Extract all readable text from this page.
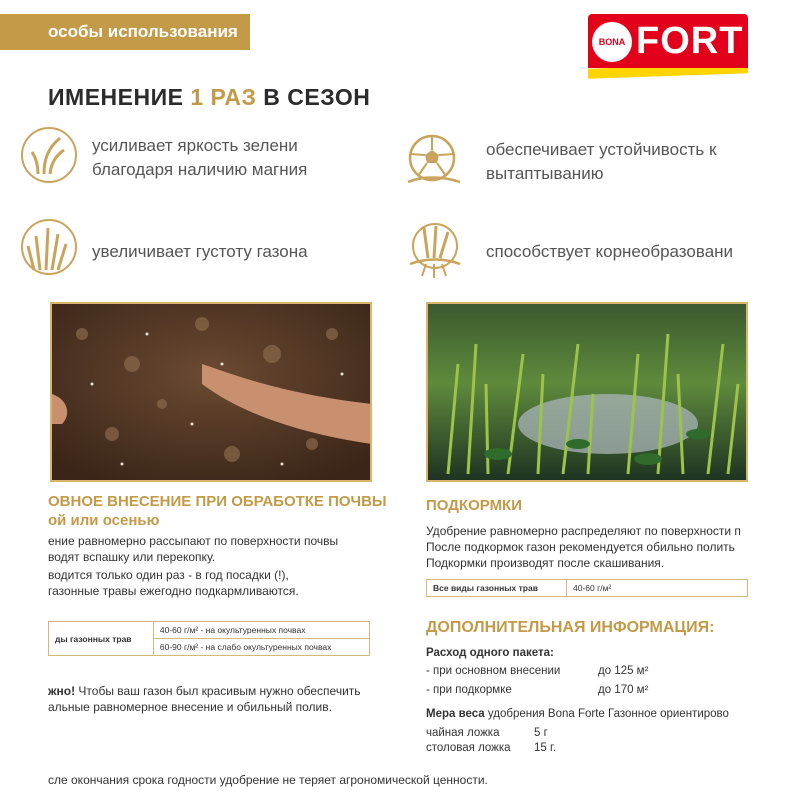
особы использования
BONA FORT
ИМЕНЕНИЕ 1 РАЗ В СЕЗОН
усиливает яркость зелени благодаря наличию магния
обеспечивает устойчивость к вытаптыванию
увеличивает густоту газона	способствует корнеобразовани
ОВНОЕ ВНЕСЕНИЕ ПРИ ОБРАБОТКЕ ПОЧВЫ
ой или осенью
ение равномерно рассыпают по поверхности почвы
водят вспашку или перекопку.
водится только один раз - в год посадки (!),
газонные травы ежегодно подкармливаются.
ды газонных трав	40-60 г/м² - на окультуренных почвах
60-90 г/м² - на слабо окультуренных почвах
жно! Чтобы ваш газон был красивым нужно обеспечить
альные равномерное внесение и обильный полив.
ПОДКОРМКИ
Удобрение равномерно распределяют по поверхности п
После подкормок газон рекомендуется обильно полить
Подкормки производят после скашивания.
Все виды газонных трав	40-60 г/м²
ДОПОЛНИТЕЛЬНАЯ ИНФОРМАЦИЯ:
Расход одного пакета:
- при основном внесении	до 125 м²
- при подкормке	до 170 м²
Мера веса удобрения Bona Forte Газонное ориентирово
чайная ложка	5 г
столовая ложка 15 г.
сле окончания срока годности удобрение не теряет агрономической ценности.
